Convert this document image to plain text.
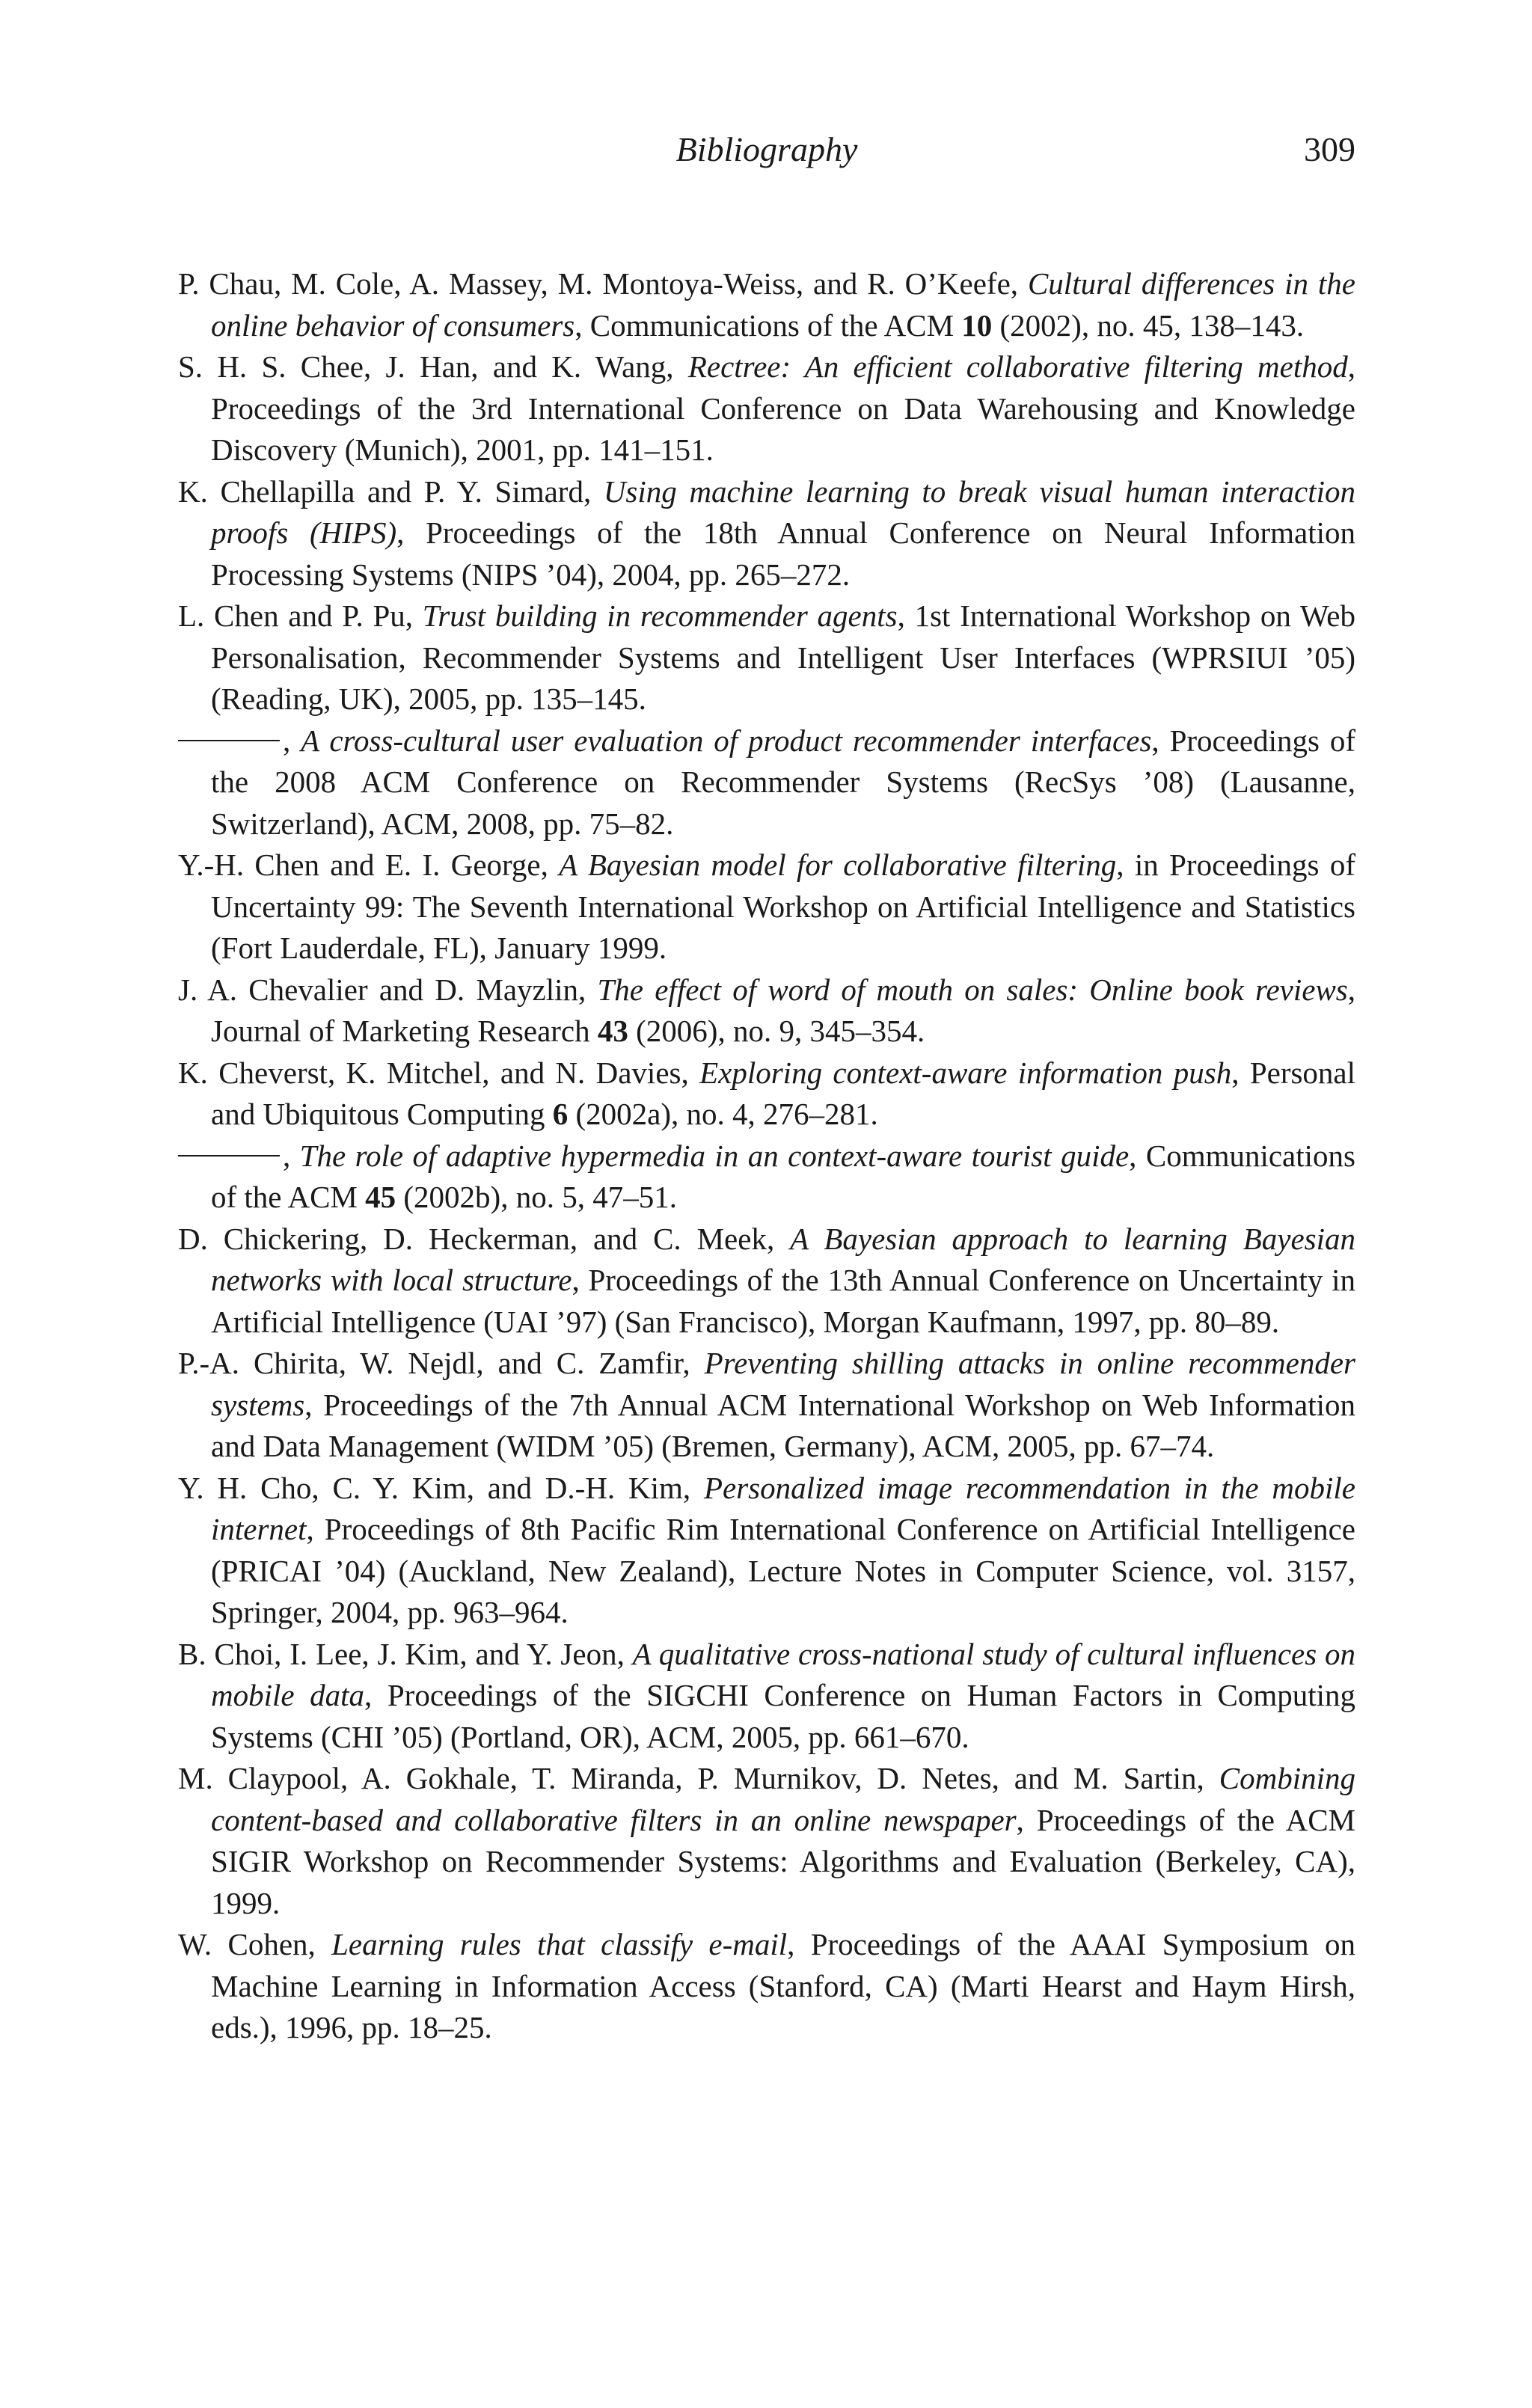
Bibliography	309

P. Chau, M. Cole, A. Massey, M. Montoya-Weiss, and R. O’Keefe, Cultural differences in the online behavior of consumers, Communications of the ACM 10 (2002), no. 45, 138–143.

S. H. S. Chee, J. Han, and K. Wang, Rectree: An efficient collaborative filtering method, Proceedings of the 3rd International Conference on Data Warehousing and Knowledge Discovery (Munich), 2001, pp. 141–151.

K. Chellapilla and P. Y. Simard, Using machine learning to break visual human interaction proofs (HIPS), Proceedings of the 18th Annual Conference on Neural Information Processing Systems (NIPS ’04), 2004, pp. 265–272.

L. Chen and P. Pu, Trust building in recommender agents, 1st International Workshop on Web Personalisation, Recommender Systems and Intelligent User Interfaces (WPRSIUI ’05) (Reading, UK), 2005, pp. 135–145.

, A cross-cultural user evaluation of product recommender interfaces, Proceedings of the 2008 ACM Conference on Recommender Systems (RecSys ’08) (Lausanne, Switzerland), ACM, 2008, pp. 75–82.

Y.-H. Chen and E. I. George, A Bayesian model for collaborative filtering, in Proceedings of Uncertainty 99: The Seventh International Workshop on Artificial Intelligence and Statistics (Fort Lauderdale, FL), January 1999.

J. A. Chevalier and D. Mayzlin, The effect of word of mouth on sales: Online book reviews, Journal of Marketing Research 43 (2006), no. 9, 345–354.

K. Cheverst, K. Mitchel, and N. Davies, Exploring context-aware information push, Personal and Ubiquitous Computing 6 (2002a), no. 4, 276–281.

, The role of adaptive hypermedia in an context-aware tourist guide, Communications of the ACM 45 (2002b), no. 5, 47–51.

D. Chickering, D. Heckerman, and C. Meek, A Bayesian approach to learning Bayesian networks with local structure, Proceedings of the 13th Annual Conference on Uncertainty in Artificial Intelligence (UAI ’97) (San Francisco), Morgan Kaufmann, 1997, pp. 80–89.

P.-A. Chirita, W. Nejdl, and C. Zamfir, Preventing shilling attacks in online recommender systems, Proceedings of the 7th Annual ACM International Workshop on Web Information and Data Management (WIDM ’05) (Bremen, Germany), ACM, 2005, pp. 67–74.

Y. H. Cho, C. Y. Kim, and D.-H. Kim, Personalized image recommendation in the mobile internet, Proceedings of 8th Pacific Rim International Conference on Artificial Intelligence (PRICAI ’04) (Auckland, New Zealand), Lecture Notes in Computer Science, vol. 3157, Springer, 2004, pp. 963–964.

B. Choi, I. Lee, J. Kim, and Y. Jeon, A qualitative cross-national study of cultural influences on mobile data, Proceedings of the SIGCHI Conference on Human Factors in Computing Systems (CHI ’05) (Portland, OR), ACM, 2005, pp. 661–670.

M. Claypool, A. Gokhale, T. Miranda, P. Murnikov, D. Netes, and M. Sartin, Combining content-based and collaborative filters in an online newspaper, Proceedings of the ACM SIGIR Workshop on Recommender Systems: Algorithms and Evaluation (Berkeley, CA), 1999.

W. Cohen, Learning rules that classify e-mail, Proceedings of the AAAI Symposium on Machine Learning in Information Access (Stanford, CA) (Marti Hearst and Haym Hirsh, eds.), 1996, pp. 18–25.
